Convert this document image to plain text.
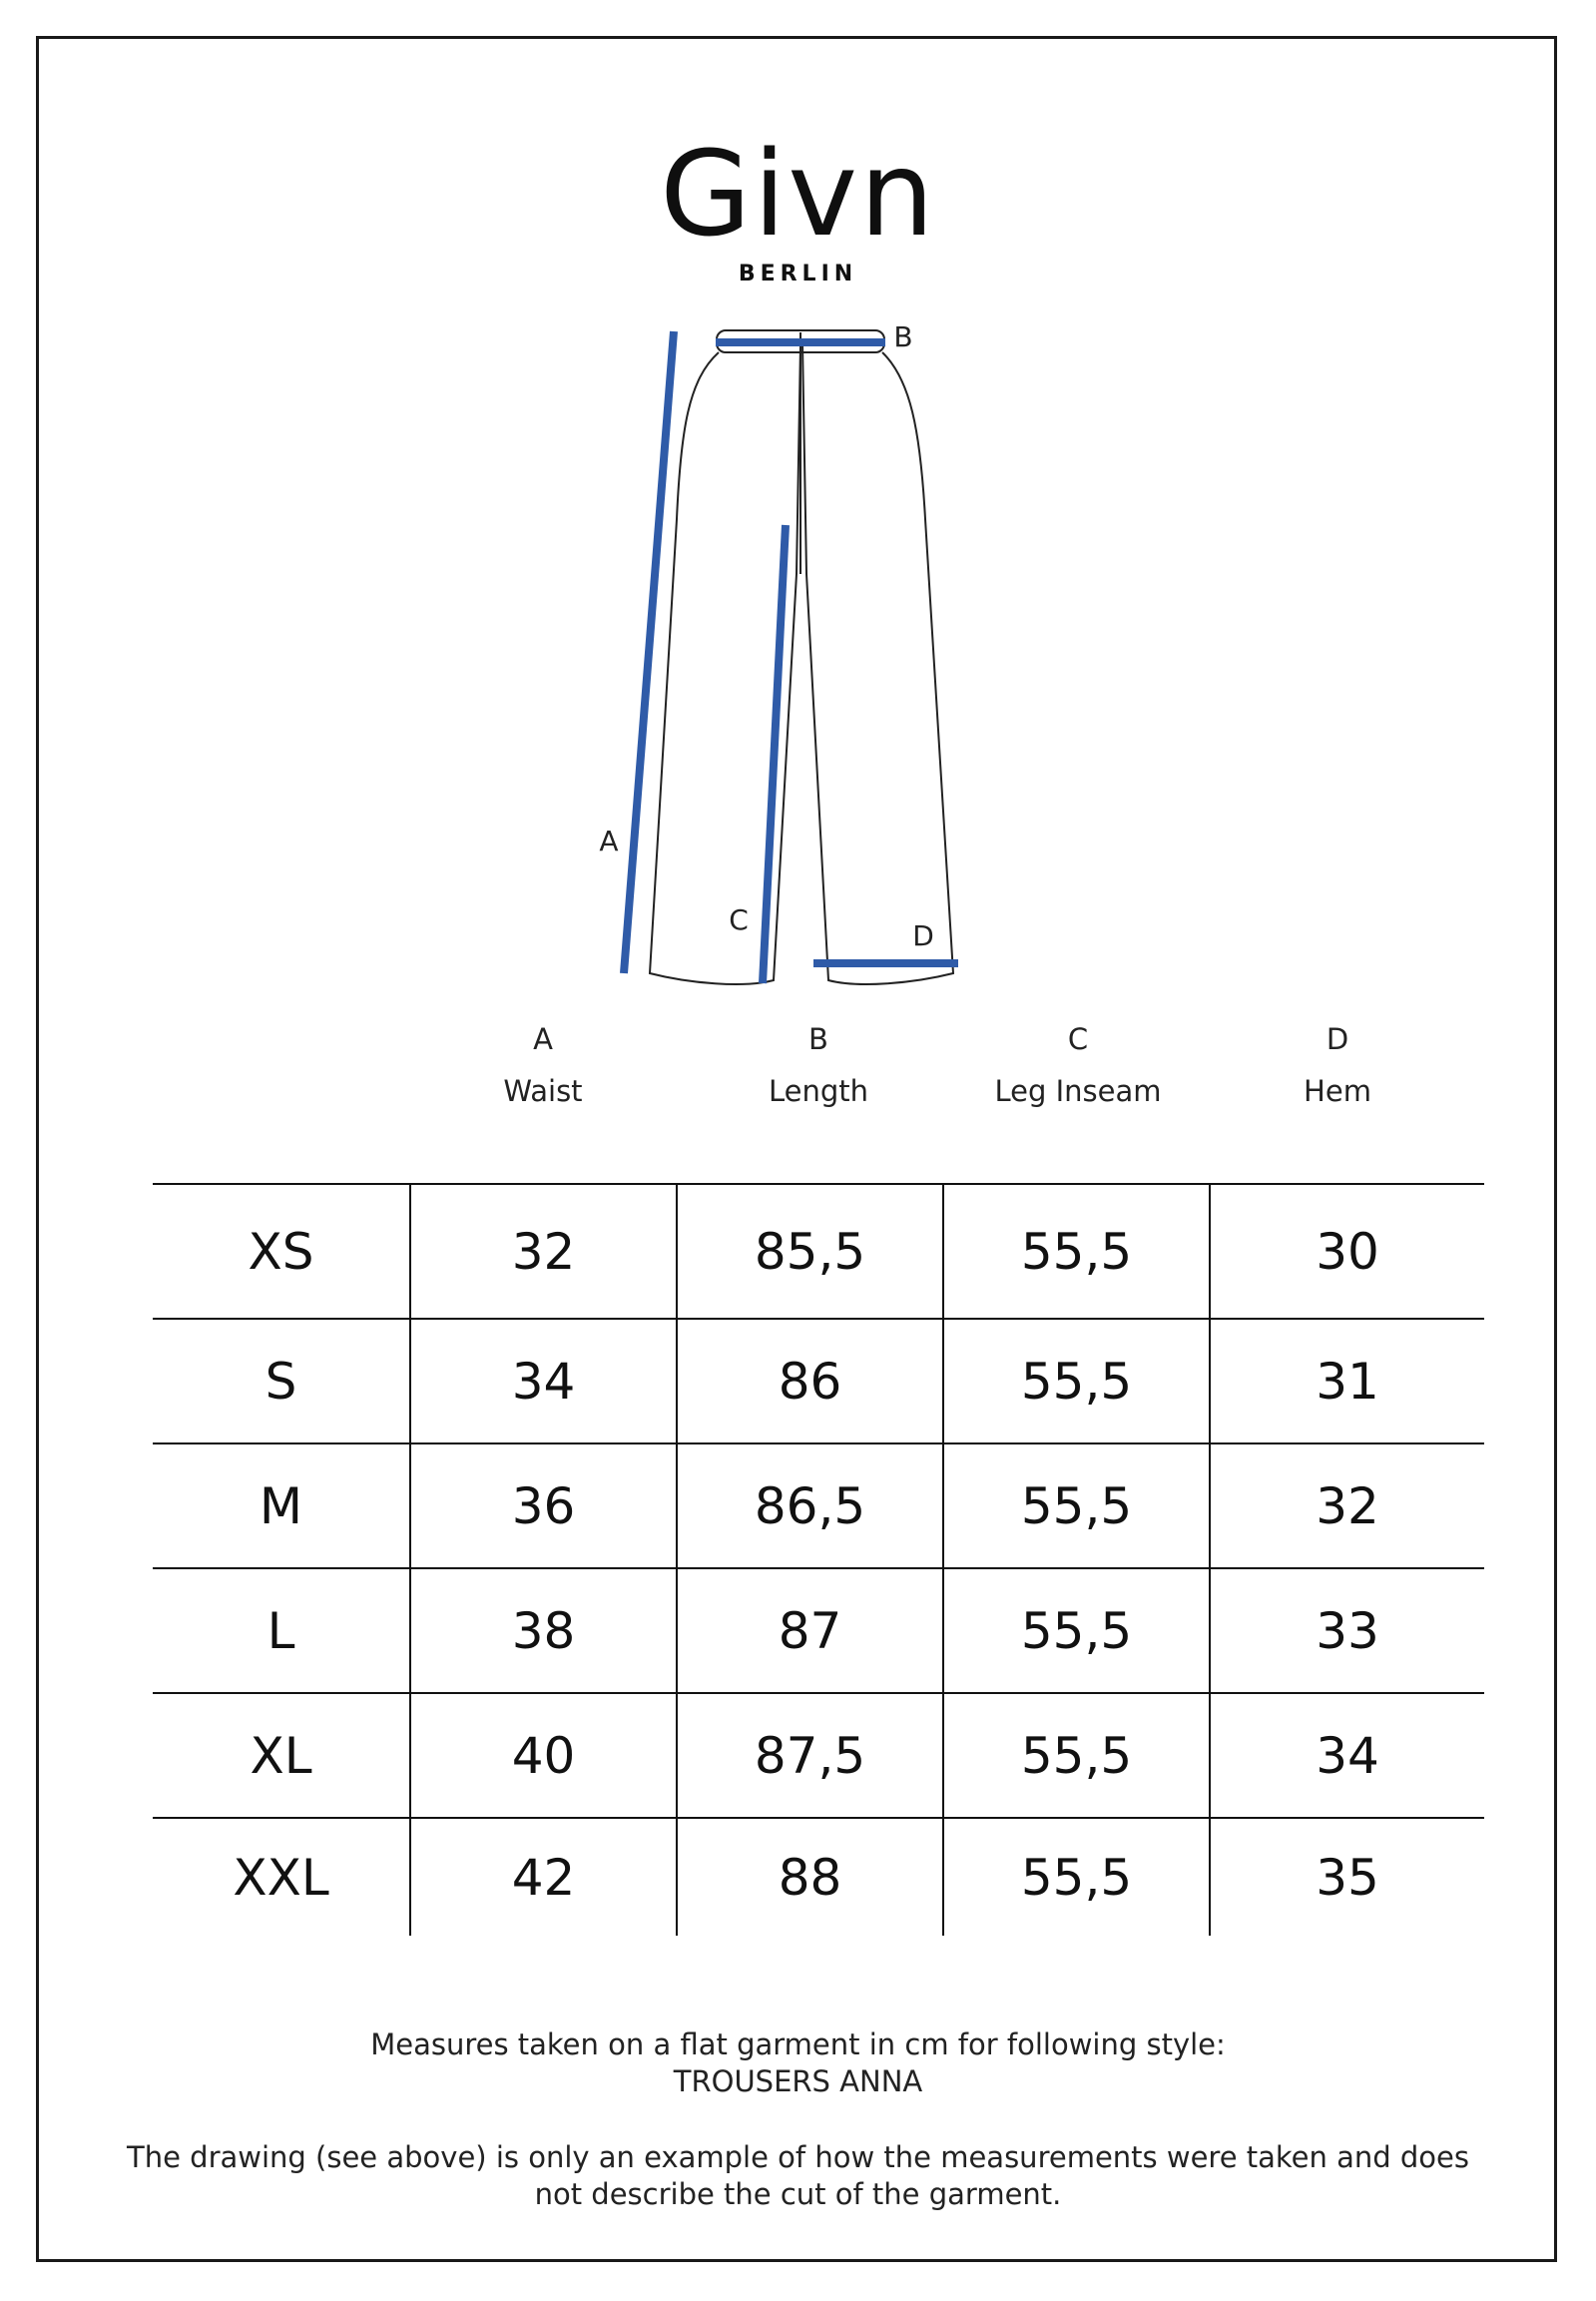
Givn
BERLIN
A
B
C	D
A	B	C	D
Waist	Length	Leg Inseam	Hem
XS	32	85,5	55,5	30
S	34	86	55,5	31
M	36	86,5	55,5	32
L	38	87	55,5	33
XL	40	87,5	55,5	34
XXL	42	88	55,5	35
Measures taken on a flat garment in cm for following style:
TROUSERS ANNA
The drawing (see above) is only an example of how the measurements were taken and does
not describe the cut of the garment.
